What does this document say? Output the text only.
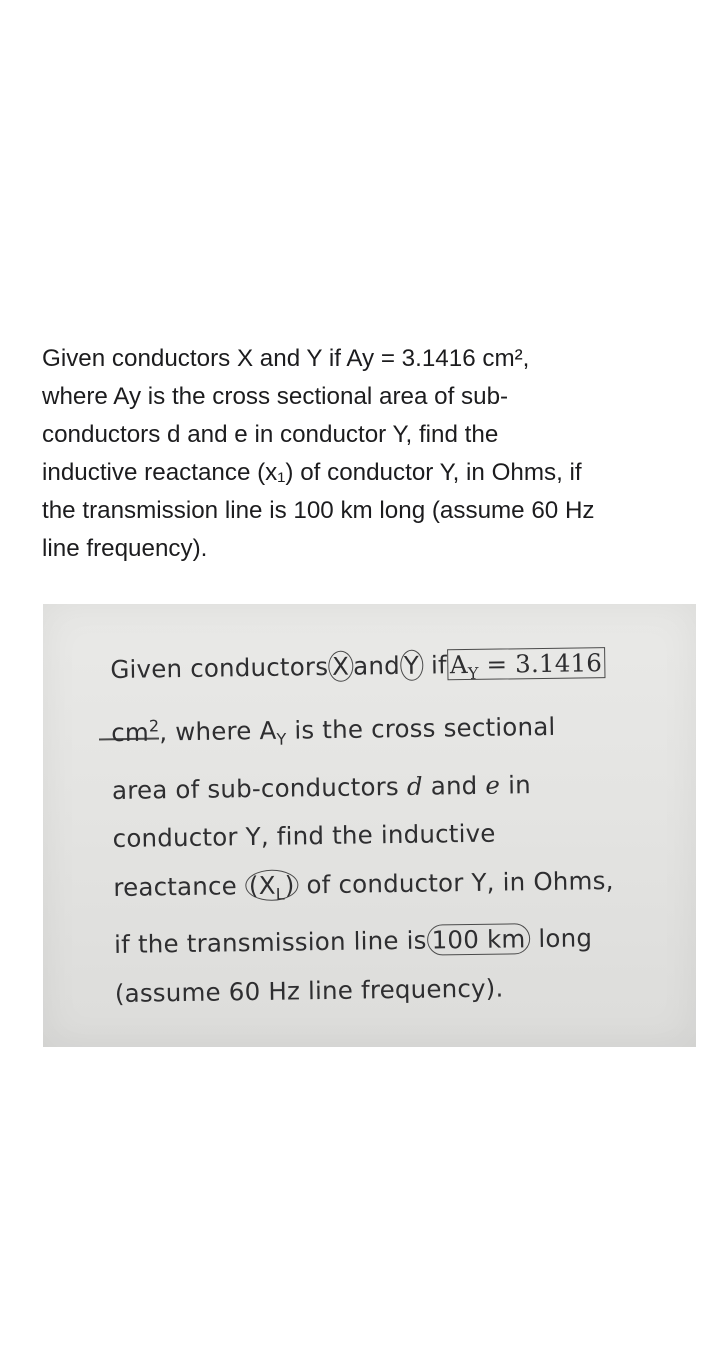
Given conductors X and Y if Ay = 3.1416 cm²,
where Ay is the cross sectional area of sub-
conductors d and e in conductor Y, find the
inductive reactance (x₁) of conductor Y, in Ohms, if
the transmission line is 100 km long (assume 60 Hz
line frequency).
Given conductors X and Y if $A_Y = 3.1416$
$cm^2$, where $A_Y$ is the cross sectional
area of sub-conductors d and e in
conductor Y, find the inductive
reactance $(X_L)$ of conductor Y, in Ohms,
if the transmission line is 100 km long
(assume 60 Hz line frequency).
